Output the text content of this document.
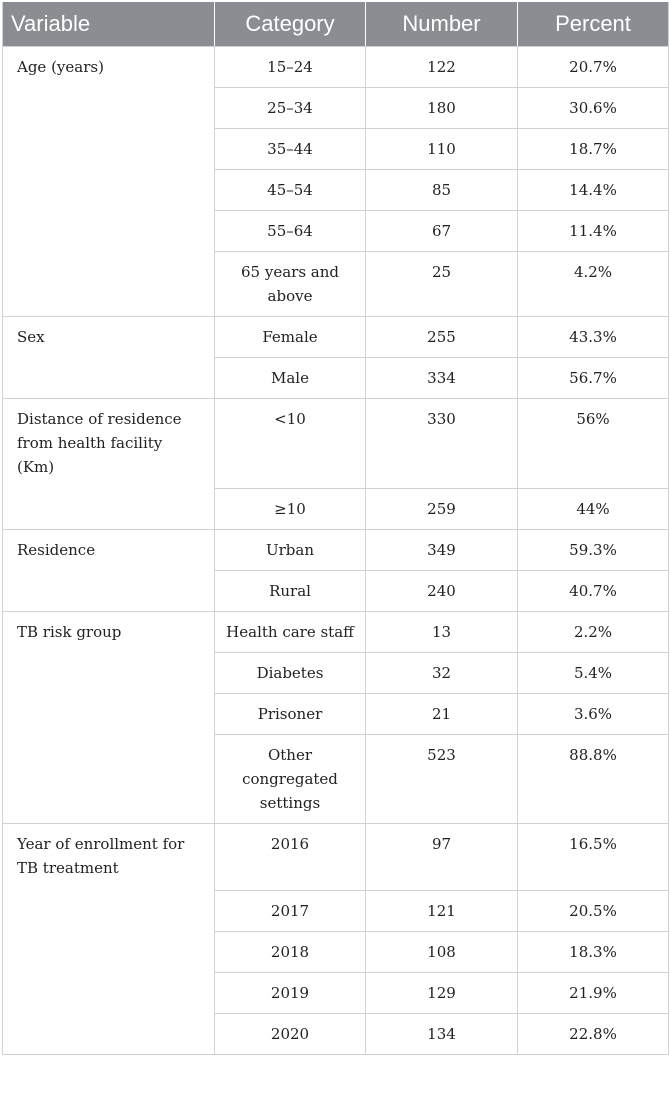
Variable	Category	Number	Percent
Age (years)	15–24	122	20.7%
	25–34	180	30.6%
	35–44	110	18.7%
	45–54	85	14.4%
	55–64	67	11.4%
	65 years and above	25	4.2%
Sex	Female	255	43.3%
	Male	334	56.7%
Distance of residence from health facility (Km)	<10	330	56%
	≥10	259	44%
Residence	Urban	349	59.3%
	Rural	240	40.7%
TB risk group	Health care staff	13	2.2%
	Diabetes	32	5.4%
	Prisoner	21	3.6%
	Other congregated settings	523	88.8%
Year of enrollment for TB treatment	2016	97	16.5%
	2017	121	20.5%
	2018	108	18.3%
	2019	129	21.9%
	2020	134	22.8%
